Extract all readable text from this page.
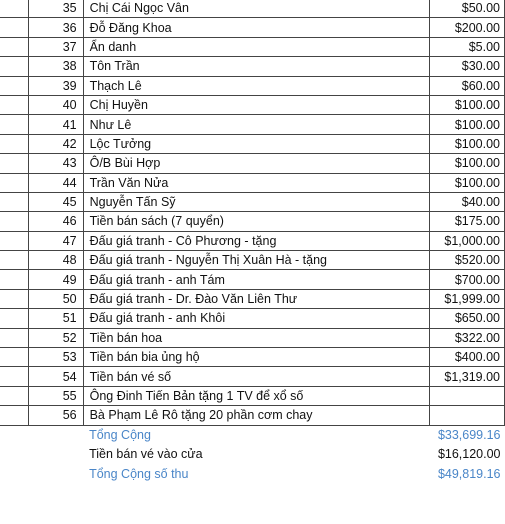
	35	Chị Cái Ngọc Vân	$50.00
	36	Đỗ Đăng Khoa	$200.00
	37	Ẩn danh	$5.00
	38	Tôn Trần	$30.00
	39	Thạch Lê	$60.00
	40	Chị Huyền	$100.00
	41	Như Lê	$100.00
	42	Lộc Tưởng	$100.00
	43	Ô/B Bùi Hợp	$100.00
	44	Trần Văn Nửa	$100.00
	45	Nguyễn Tấn Sỹ	$40.00
	46	Tiền bán sách (7 quyển)	$175.00
	47	Đấu giá tranh - Cô Phương - tặng	$1,000.00
	48	Đấu giá tranh - Nguyễn Thị Xuân Hà - tặng	$520.00
	49	Đấu giá tranh - anh Tám	$700.00
	50	Đấu giá tranh - Dr. Đào Văn Liên Thư	$1,999.00
	51	Đấu giá tranh - anh Khôi	$650.00
	52	Tiền bán hoa	$322.00
	53	Tiền bán bia ủng hộ	$400.00
	54	Tiền bán vé số	$1,319.00
	55	Ông Đinh Tiến Bản tặng 1 TV để xổ số	
	56	Bà Phạm Lê Rô tặng 20 phần cơm chay	
		Tổng Cộng	$33,699.16
		Tiền bán vé vào cửa	$16,120.00
		Tổng Cộng số thu	$49,819.16
